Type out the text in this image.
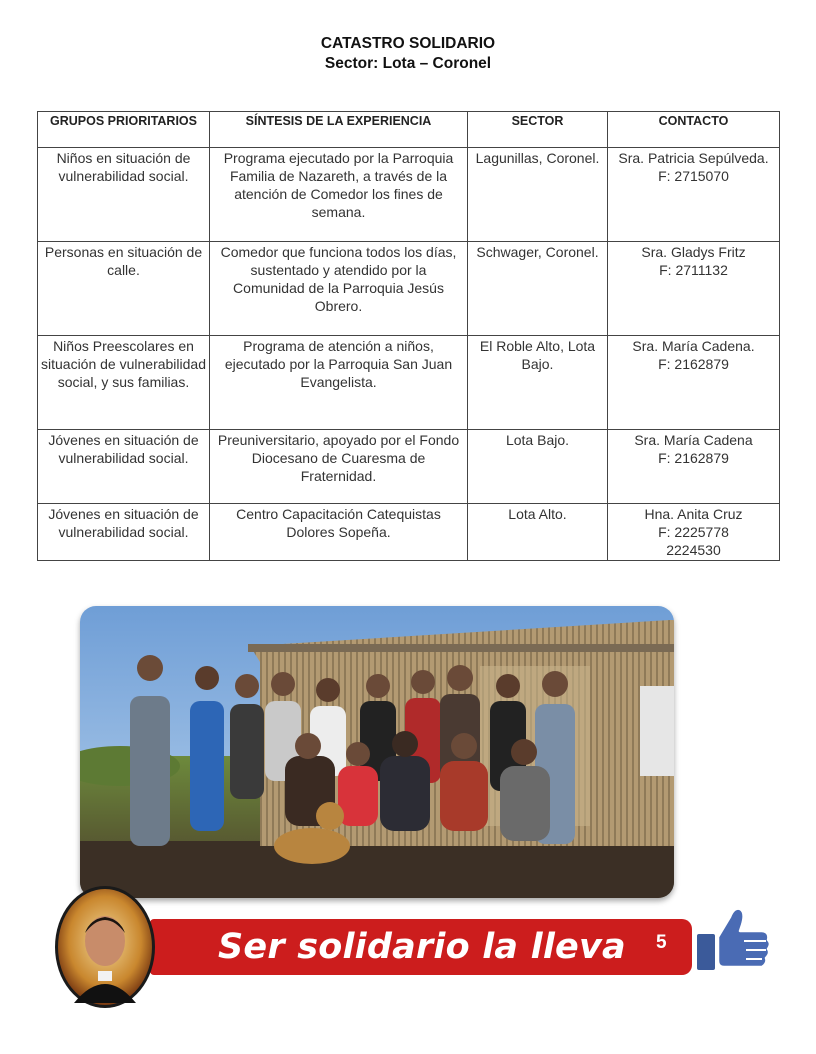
CATASTRO SOLIDARIO
Sector: Lota – Coronel
GRUPOS PRIORITARIOS	SÍNTESIS DE LA EXPERIENCIA	SECTOR	CONTACTO
Niños en situación de vulnerabilidad social.	Programa ejecutado por la Parroquia Familia de Nazareth, a través de la atención de Comedor los fines de semana.	Lagunillas, Coronel.	Sra. Patricia Sepúlveda.
F: 2715070

Personas en situación de calle.	Comedor que funciona todos los días, sustentado y atendido por la Comunidad de la Parroquia Jesús Obrero.	Schwager, Coronel.	Sra. Gladys Fritz
F: 2711132

Niños Preescolares en situación de vulnerabilidad social, y sus familias.	Programa de atención a niños, ejecutado por la Parroquia San Juan Evangelista.	El Roble Alto, Lota Bajo.	Sra. María Cadena.
F: 2162879

Jóvenes en situación de vulnerabilidad social.	Preuniversitario, apoyado por el Fondo Diocesano de Cuaresma de Fraternidad.	Lota Bajo.	Sra. María Cadena
F: 2162879

Jóvenes en situación de vulnerabilidad social.	Centro Capacitación Catequistas Dolores Sopeña.	Lota Alto.	Hna. Anita Cruz
F: 2225778
2224530
Ser solidario la lleva 5
